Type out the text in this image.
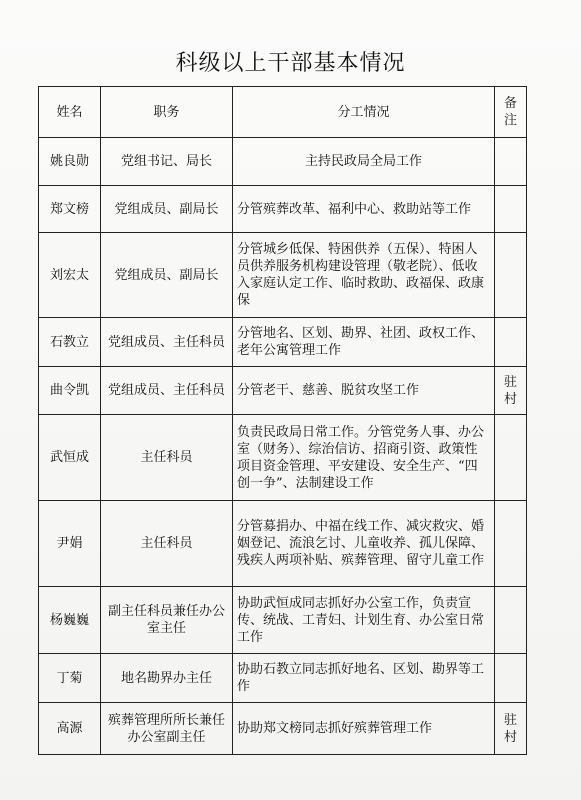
科级以上干部基本情况
姓名	职务	分工情况	备注
姚良勋	党组书记、局长	主持民政局全局工作	
郑文榜	党组成员、副局长	分管殡葬改革、福利中心、救助站等工作	
刘宏太	党组成员、副局长	分管城乡低保、特困供养（五保）、特困人员供养服务机构建设管理（敬老院）、低收入家庭认定工作、临时救助、政福保、政康保	
石教立	党组成员、主任科员	分管地名、区划、勘界、社团、政权工作、老年公寓管理工作	
曲令凯	党组成员、主任科员	分管老干、慈善、脱贫攻坚工作	驻村
武恒成	主任科员	负责民政局日常工作。分管党务人事、办公室（财务）、综治信访、招商引资、政策性项目资金管理、平安建设、安全生产、“四创一争”、法制建设工作	
尹娟	主任科员	分管募捐办、中福在线工作、减灾救灾、婚姻登记、流浪乞讨、儿童收养、孤儿保障、残疾人两项补贴、殡葬管理、留守儿童工作	
杨巍巍	副主任科员兼任办公室主任	协助武恒成同志抓好办公室工作，负责宣传、统战、工青妇、计划生育、办公室日常工作	
丁菊	地名勘界办主任	协助石教立同志抓好地名、区划、勘界等工作	
高源	殡葬管理所所长兼任办公室副主任	协助郑文榜同志抓好殡葬管理工作	驻村
